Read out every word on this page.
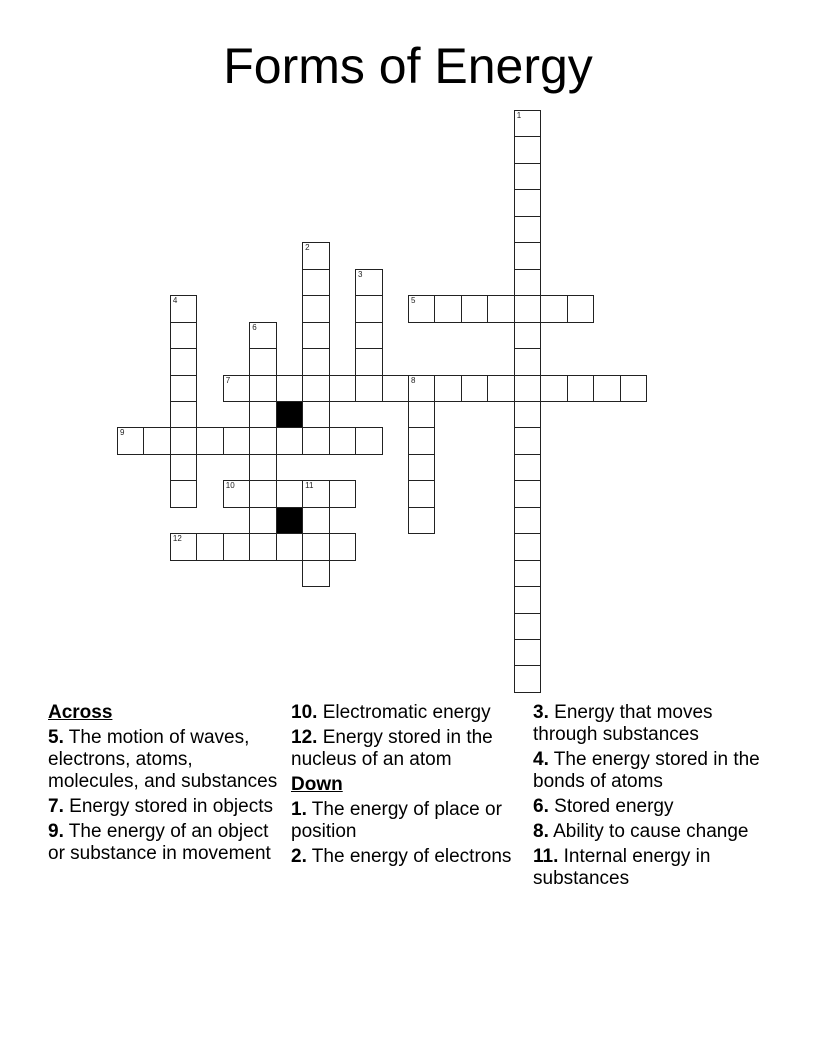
Forms of Energy
1
2
3
4	5
6
7	8
9
10	11
12
Across
5. The motion of waves, electrons, atoms, molecules, and substances
7. Energy stored in objects
9. The energy of an object or substance in movement
10. Electromatic energy
12. Energy stored in the nucleus of an atom
Down
1. The energy of place or position
2. The energy of electrons
3. Energy that moves through substances
4. The energy stored in the bonds of atoms
6. Stored energy
8. Ability to cause change
11. Internal energy in substances
